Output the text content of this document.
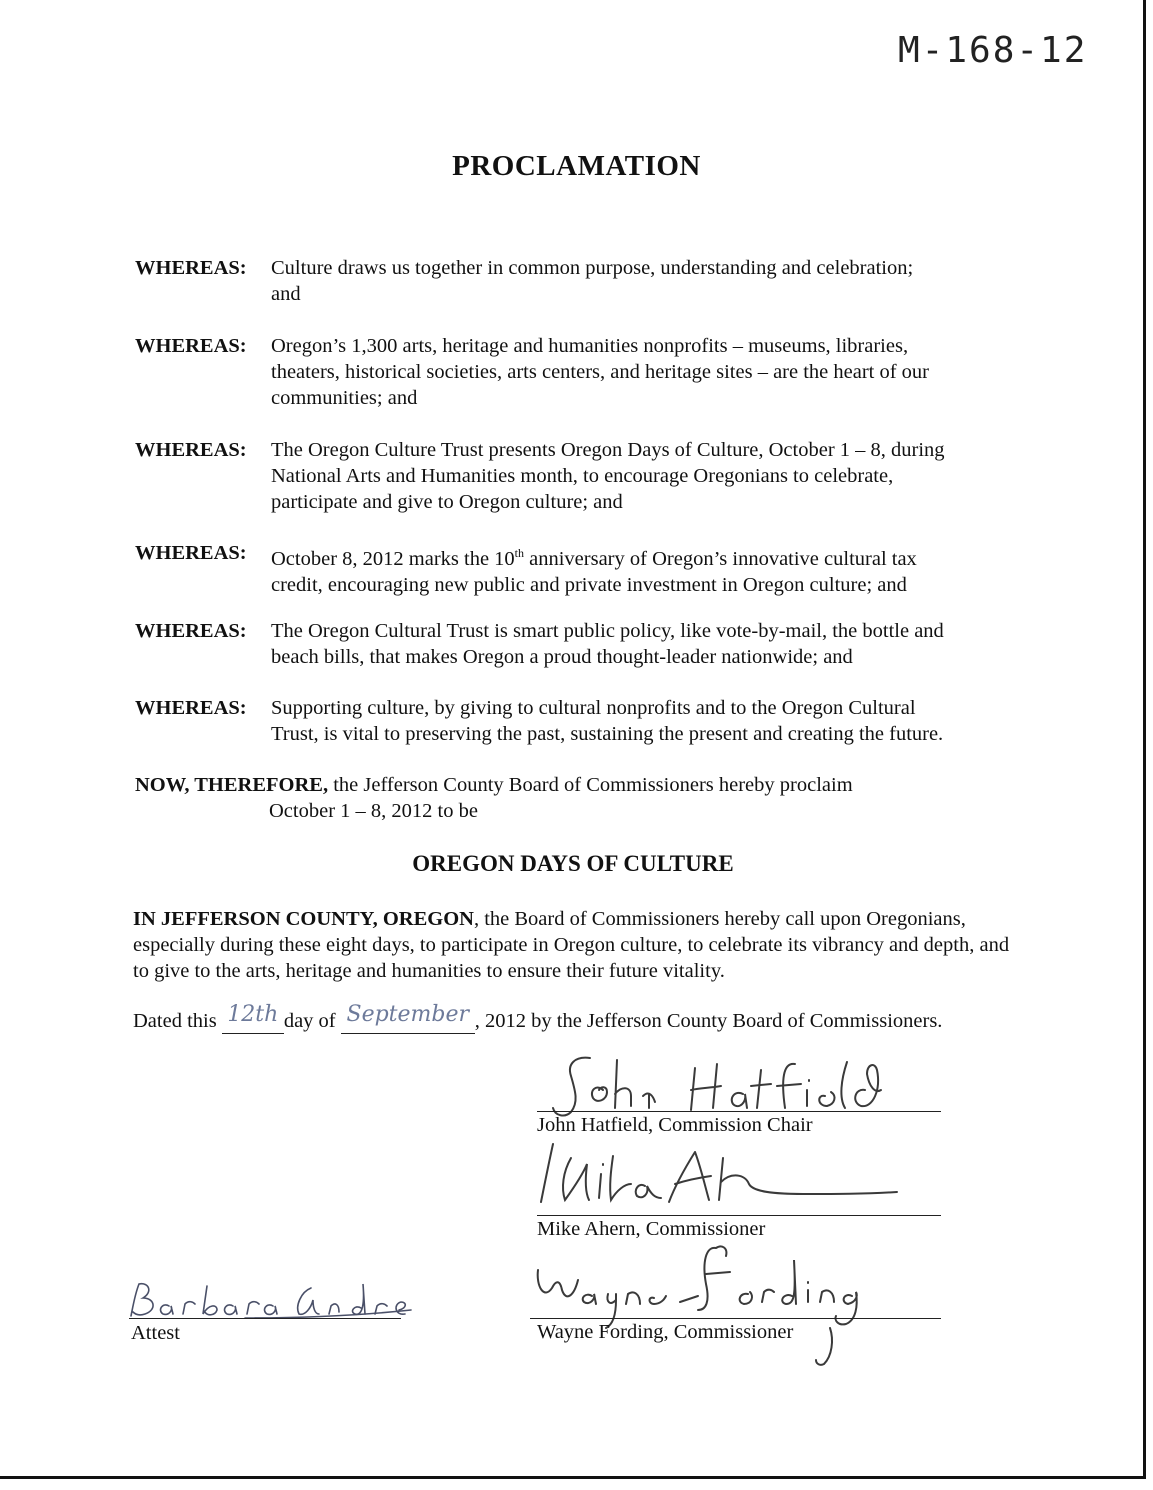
M-168-12
PROCLAMATION
WHEREAS: Culture draws us together in common purpose, understanding and celebration;
and
WHEREAS: Oregon’s 1,300 arts, heritage and humanities nonprofits – museums, libraries,
theaters, historical societies, arts centers, and heritage sites – are the heart of our
communities; and
WHEREAS: The Oregon Culture Trust presents Oregon Days of Culture, October 1 – 8, during
National Arts and Humanities month, to encourage Oregonians to celebrate,
participate and give to Oregon culture; and
WHEREAS: October 8, 2012 marks the 10th anniversary of Oregon’s innovative cultural tax
credit, encouraging new public and private investment in Oregon culture; and
WHEREAS: The Oregon Cultural Trust is smart public policy, like vote-by-mail, the bottle and
beach bills, that makes Oregon a proud thought-leader nationwide; and
WHEREAS: Supporting culture, by giving to cultural nonprofits and to the Oregon Cultural
Trust, is vital to preserving the past, sustaining the present and creating the future.
NOW, THEREFORE, the Jefferson County Board of Commissioners hereby proclaim
October 1 – 8, 2012 to be
OREGON DAYS OF CULTURE
IN JEFFERSON COUNTY, OREGON, the Board of Commissioners hereby call upon Oregonians, especially during these eight days, to participate in Oregon culture, to celebrate its vibrancy and depth, and to give to the arts, heritage and humanities to ensure their future vitality.
Dated this 12th day of September , 2012 by the Jefferson County Board of Commissioners.
John Hatfield, Commission Chair
Mike Ahern, Commissioner
Wayne Fording, Commissioner
Attest
